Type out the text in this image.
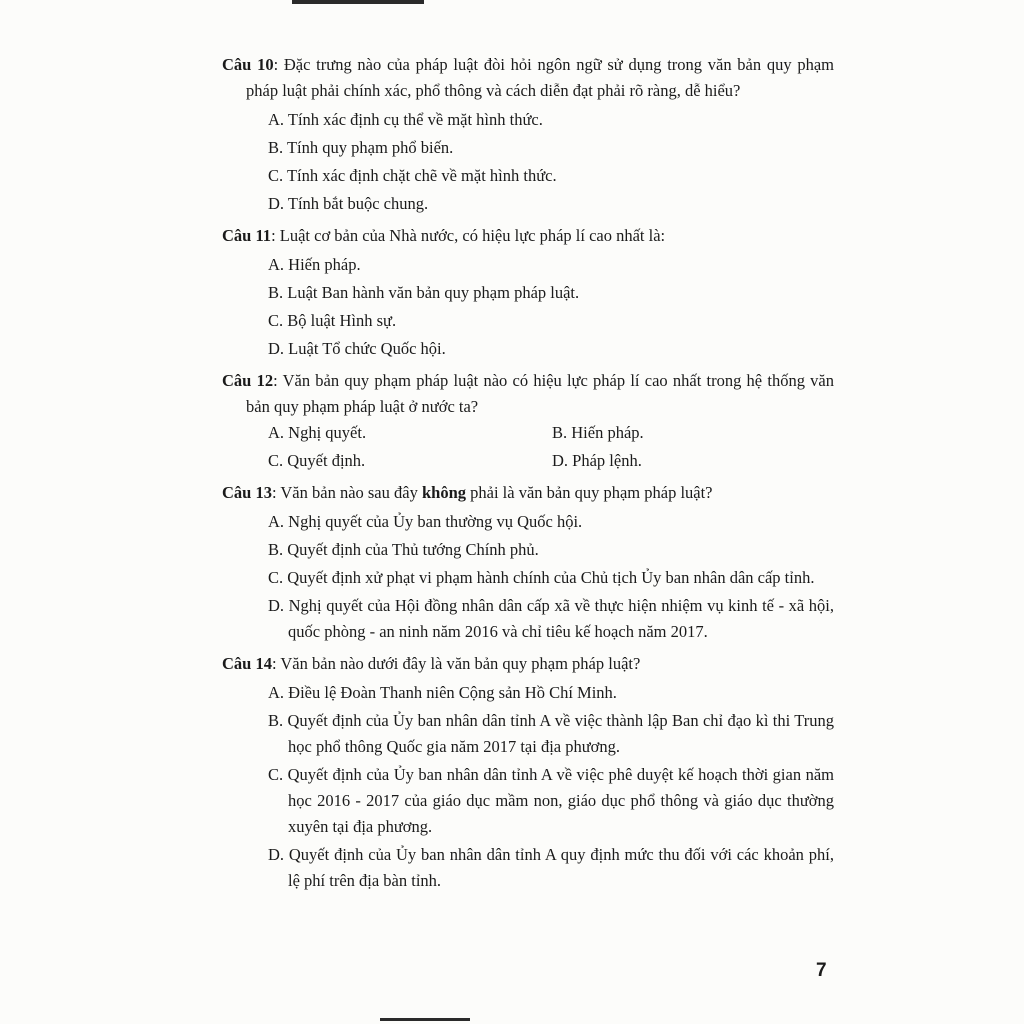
Câu 10: Đặc trưng nào của pháp luật đòi hỏi ngôn ngữ sử dụng trong văn bản quy phạm pháp luật phải chính xác, phổ thông và cách diễn đạt phải rõ ràng, dễ hiểu?

A. Tính xác định cụ thể về mặt hình thức.
B. Tính quy phạm phổ biến.
C. Tính xác định chặt chẽ về mặt hình thức.
D. Tính bắt buộc chung.

Câu 11: Luật cơ bản của Nhà nước, có hiệu lực pháp lí cao nhất là:

A. Hiến pháp.
B. Luật Ban hành văn bản quy phạm pháp luật.
C. Bộ luật Hình sự.
D. Luật Tổ chức Quốc hội.

Câu 12: Văn bản quy phạm pháp luật nào có hiệu lực pháp lí cao nhất trong hệ thống văn bản quy phạm pháp luật ở nước ta?

A. Nghị quyết.	B. Hiến pháp.
C. Quyết định.	D. Pháp lệnh.

Câu 13: Văn bản nào sau đây không phải là văn bản quy phạm pháp luật?

A. Nghị quyết của Ủy ban thường vụ Quốc hội.
B. Quyết định của Thủ tướng Chính phủ.
C. Quyết định xử phạt vi phạm hành chính của Chủ tịch Ủy ban nhân dân cấp tỉnh.
D. Nghị quyết của Hội đồng nhân dân cấp xã về thực hiện nhiệm vụ kinh tế - xã hội, quốc phòng - an ninh năm 2016 và chỉ tiêu kế hoạch năm 2017.

Câu 14: Văn bản nào dưới đây là văn bản quy phạm pháp luật?

A. Điều lệ Đoàn Thanh niên Cộng sản Hồ Chí Minh.
B. Quyết định của Ủy ban nhân dân tỉnh A về việc thành lập Ban chỉ đạo kì thi Trung học phổ thông Quốc gia năm 2017 tại địa phương.
C. Quyết định của Ủy ban nhân dân tỉnh A về việc phê duyệt kế hoạch thời gian năm học 2016 - 2017 của giáo dục mầm non, giáo dục phổ thông và giáo dục thường xuyên tại địa phương.
D. Quyết định của Ủy ban nhân dân tỉnh A quy định mức thu đối với các khoản phí, lệ phí trên địa bàn tỉnh.
7
